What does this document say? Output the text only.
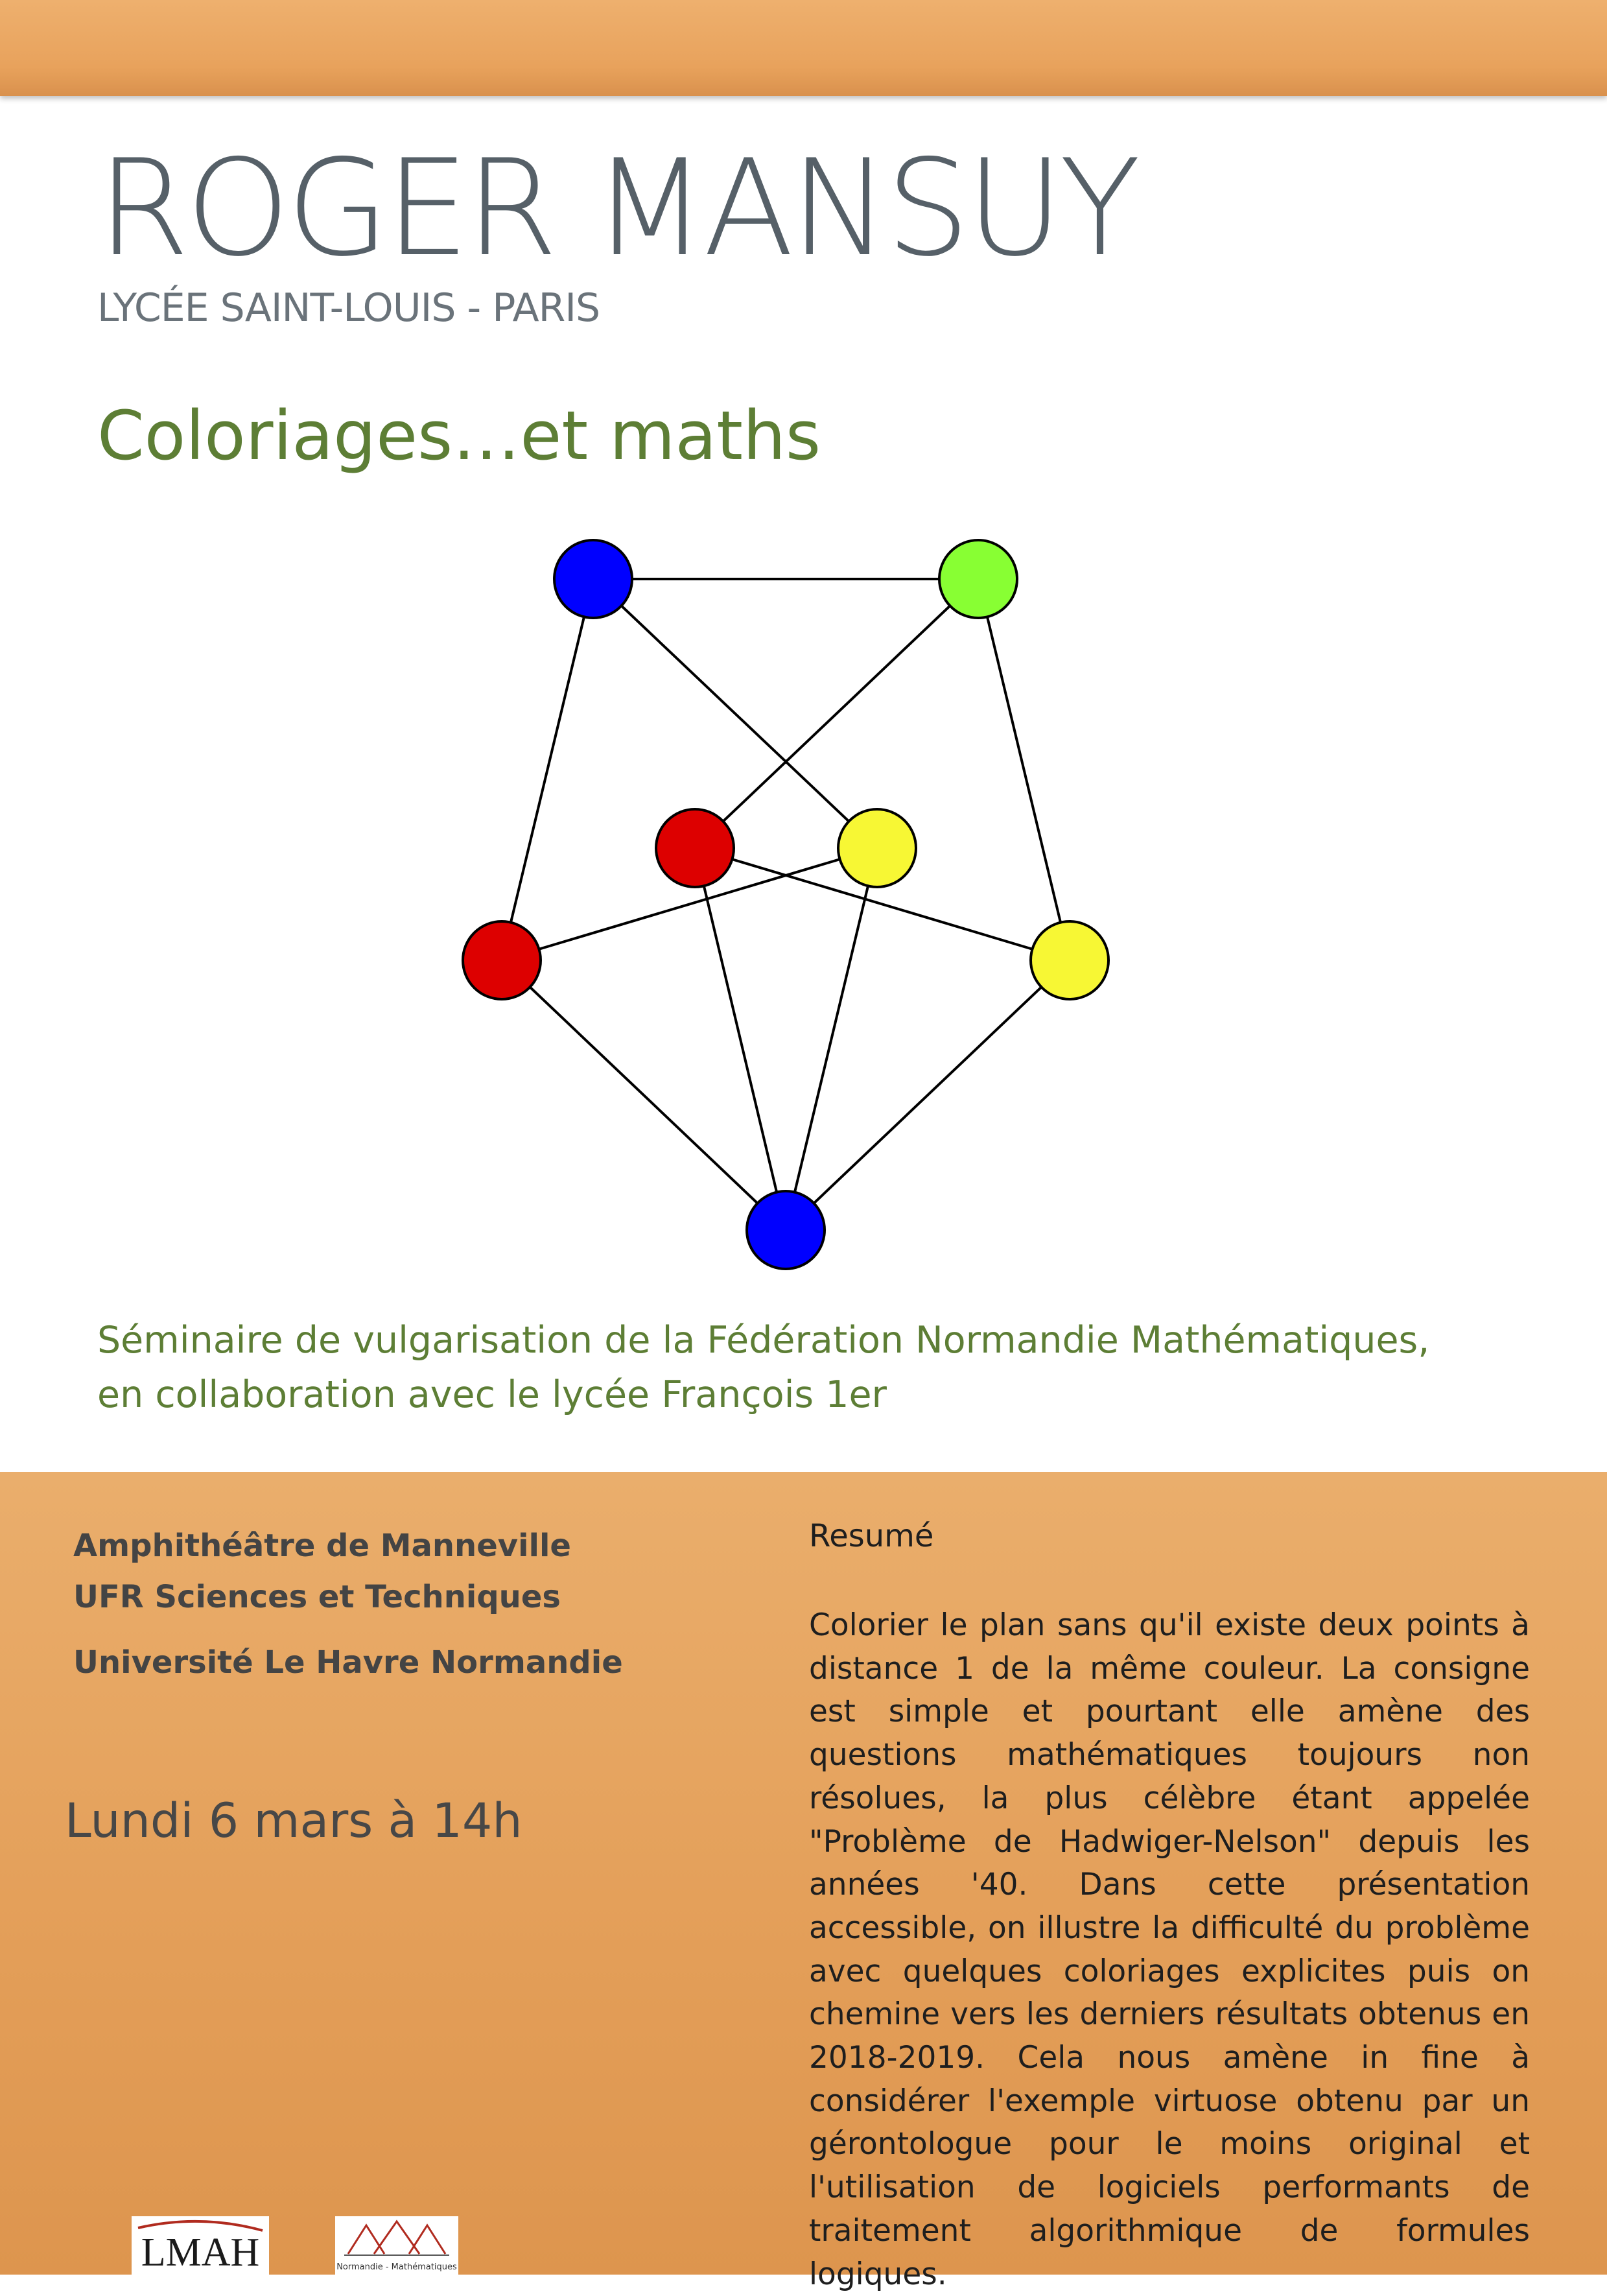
ROGER MANSUY
LYCÉE SAINT-LOUIS - PARIS
Coloriages…et maths
Séminaire de vulgarisation de la Fédération Normandie Mathématiques,
en collaboration avec le lycée François 1er
Amphithéâtre de Manneville
UFR Sciences et Techniques
Université Le Havre Normandie
Lundi 6 mars à 14h
Resumé

Colorier le plan sans qu'il existe deux points à distance 1 de la même couleur. La consigne est simple et pourtant elle amène des questions mathématiques toujours non résolues, la plus célèbre étant appelée "Problème de Hadwiger-Nelson" depuis les années '40. Dans cette présentation accessible, on illustre la difficulté du problème avec quelques coloriages explicites puis on chemine vers les derniers résultats obtenus en 2018-2019. Cela nous amène in fine à considérer l'exemple virtuose obtenu par un gérontologue pour le moins original et l'utilisation de logiciels performants de traitement algorithmique de formules logiques.

LMAH	Normandie - Mathématiques
